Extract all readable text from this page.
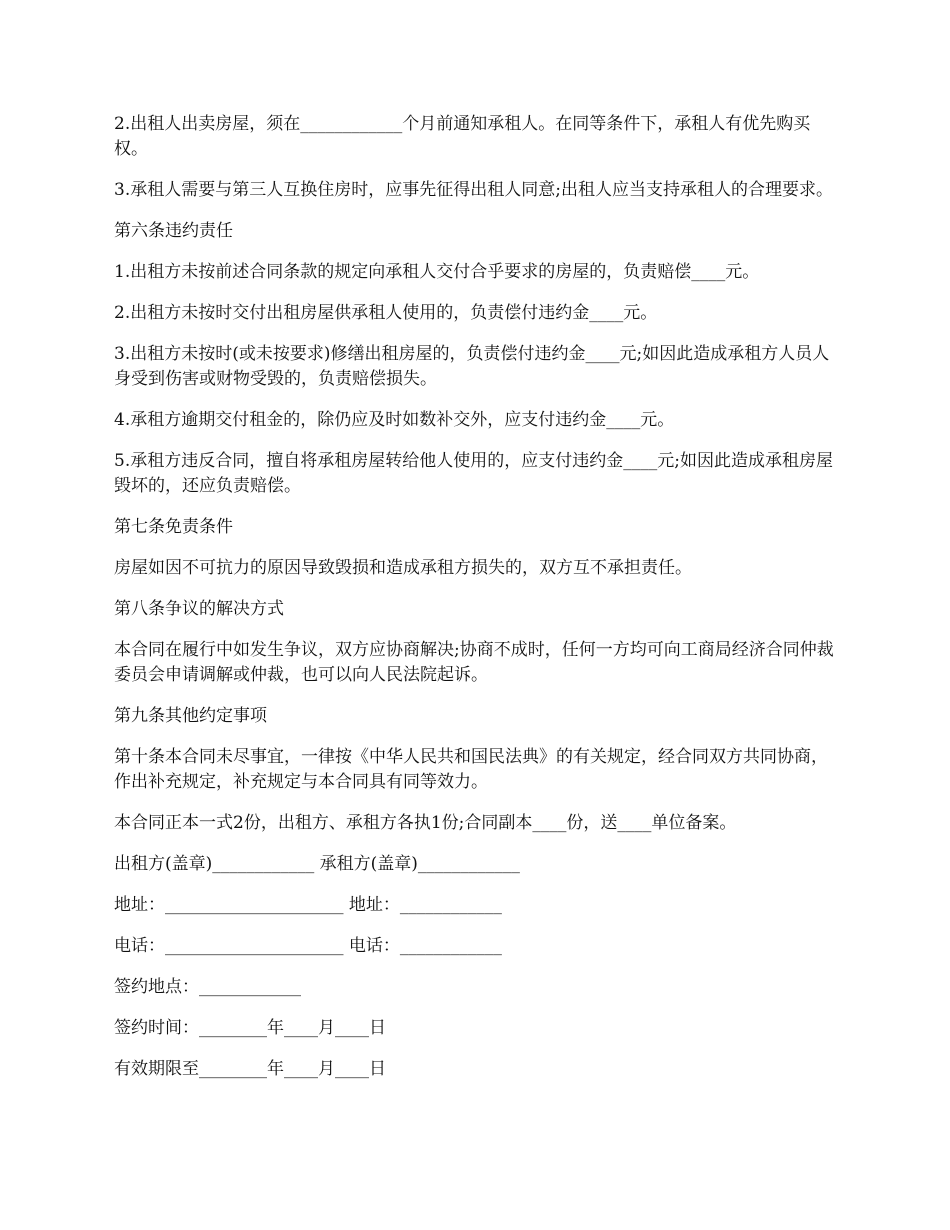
2.出租人出卖房屋，须在____________个月前通知承租人。在同等条件下，承租人有优先购买权。

3.承租人需要与第三人互换住房时，应事先征得出租人同意;出租人应当支持承租人的合理要求。

第六条违约责任

1.出租方未按前述合同条款的规定向承租人交付合乎要求的房屋的，负责赔偿____元。

2.出租方未按时交付出租房屋供承租人使用的，负责偿付违约金____元。

3.出租方未按时(或未按要求)修缮出租房屋的，负责偿付违约金____元;如因此造成承租方人员人身受到伤害或财物受毁的，负责赔偿损失。

4.承租方逾期交付租金的，除仍应及时如数补交外，应支付违约金____元。

5.承租方违反合同，擅自将承租房屋转给他人使用的，应支付违约金____元;如因此造成承租房屋毁坏的，还应负责赔偿。

第七条免责条件

房屋如因不可抗力的原因导致毁损和造成承租方损失的，双方互不承担责任。

第八条争议的解决方式

本合同在履行中如发生争议，双方应协商解决;协商不成时，任何一方均可向工商局经济合同仲裁委员会申请调解或仲裁，也可以向人民法院起诉。

第九条其他约定事项

第十条本合同未尽事宜，一律按《中华人民共和国民法典》的有关规定，经合同双方共同协商，作出补充规定，补充规定与本合同具有同等效力。

本合同正本一式2份，出租方、承租方各执1份;合同副本____份，送____单位备案。

出租方(盖章)____________ 承租方(盖章)____________

地址：_____________________ 地址：____________

电话：_____________________ 电话：____________

签约地点：____________

签约时间：________年____月____日

有效期限至________年____月____日
